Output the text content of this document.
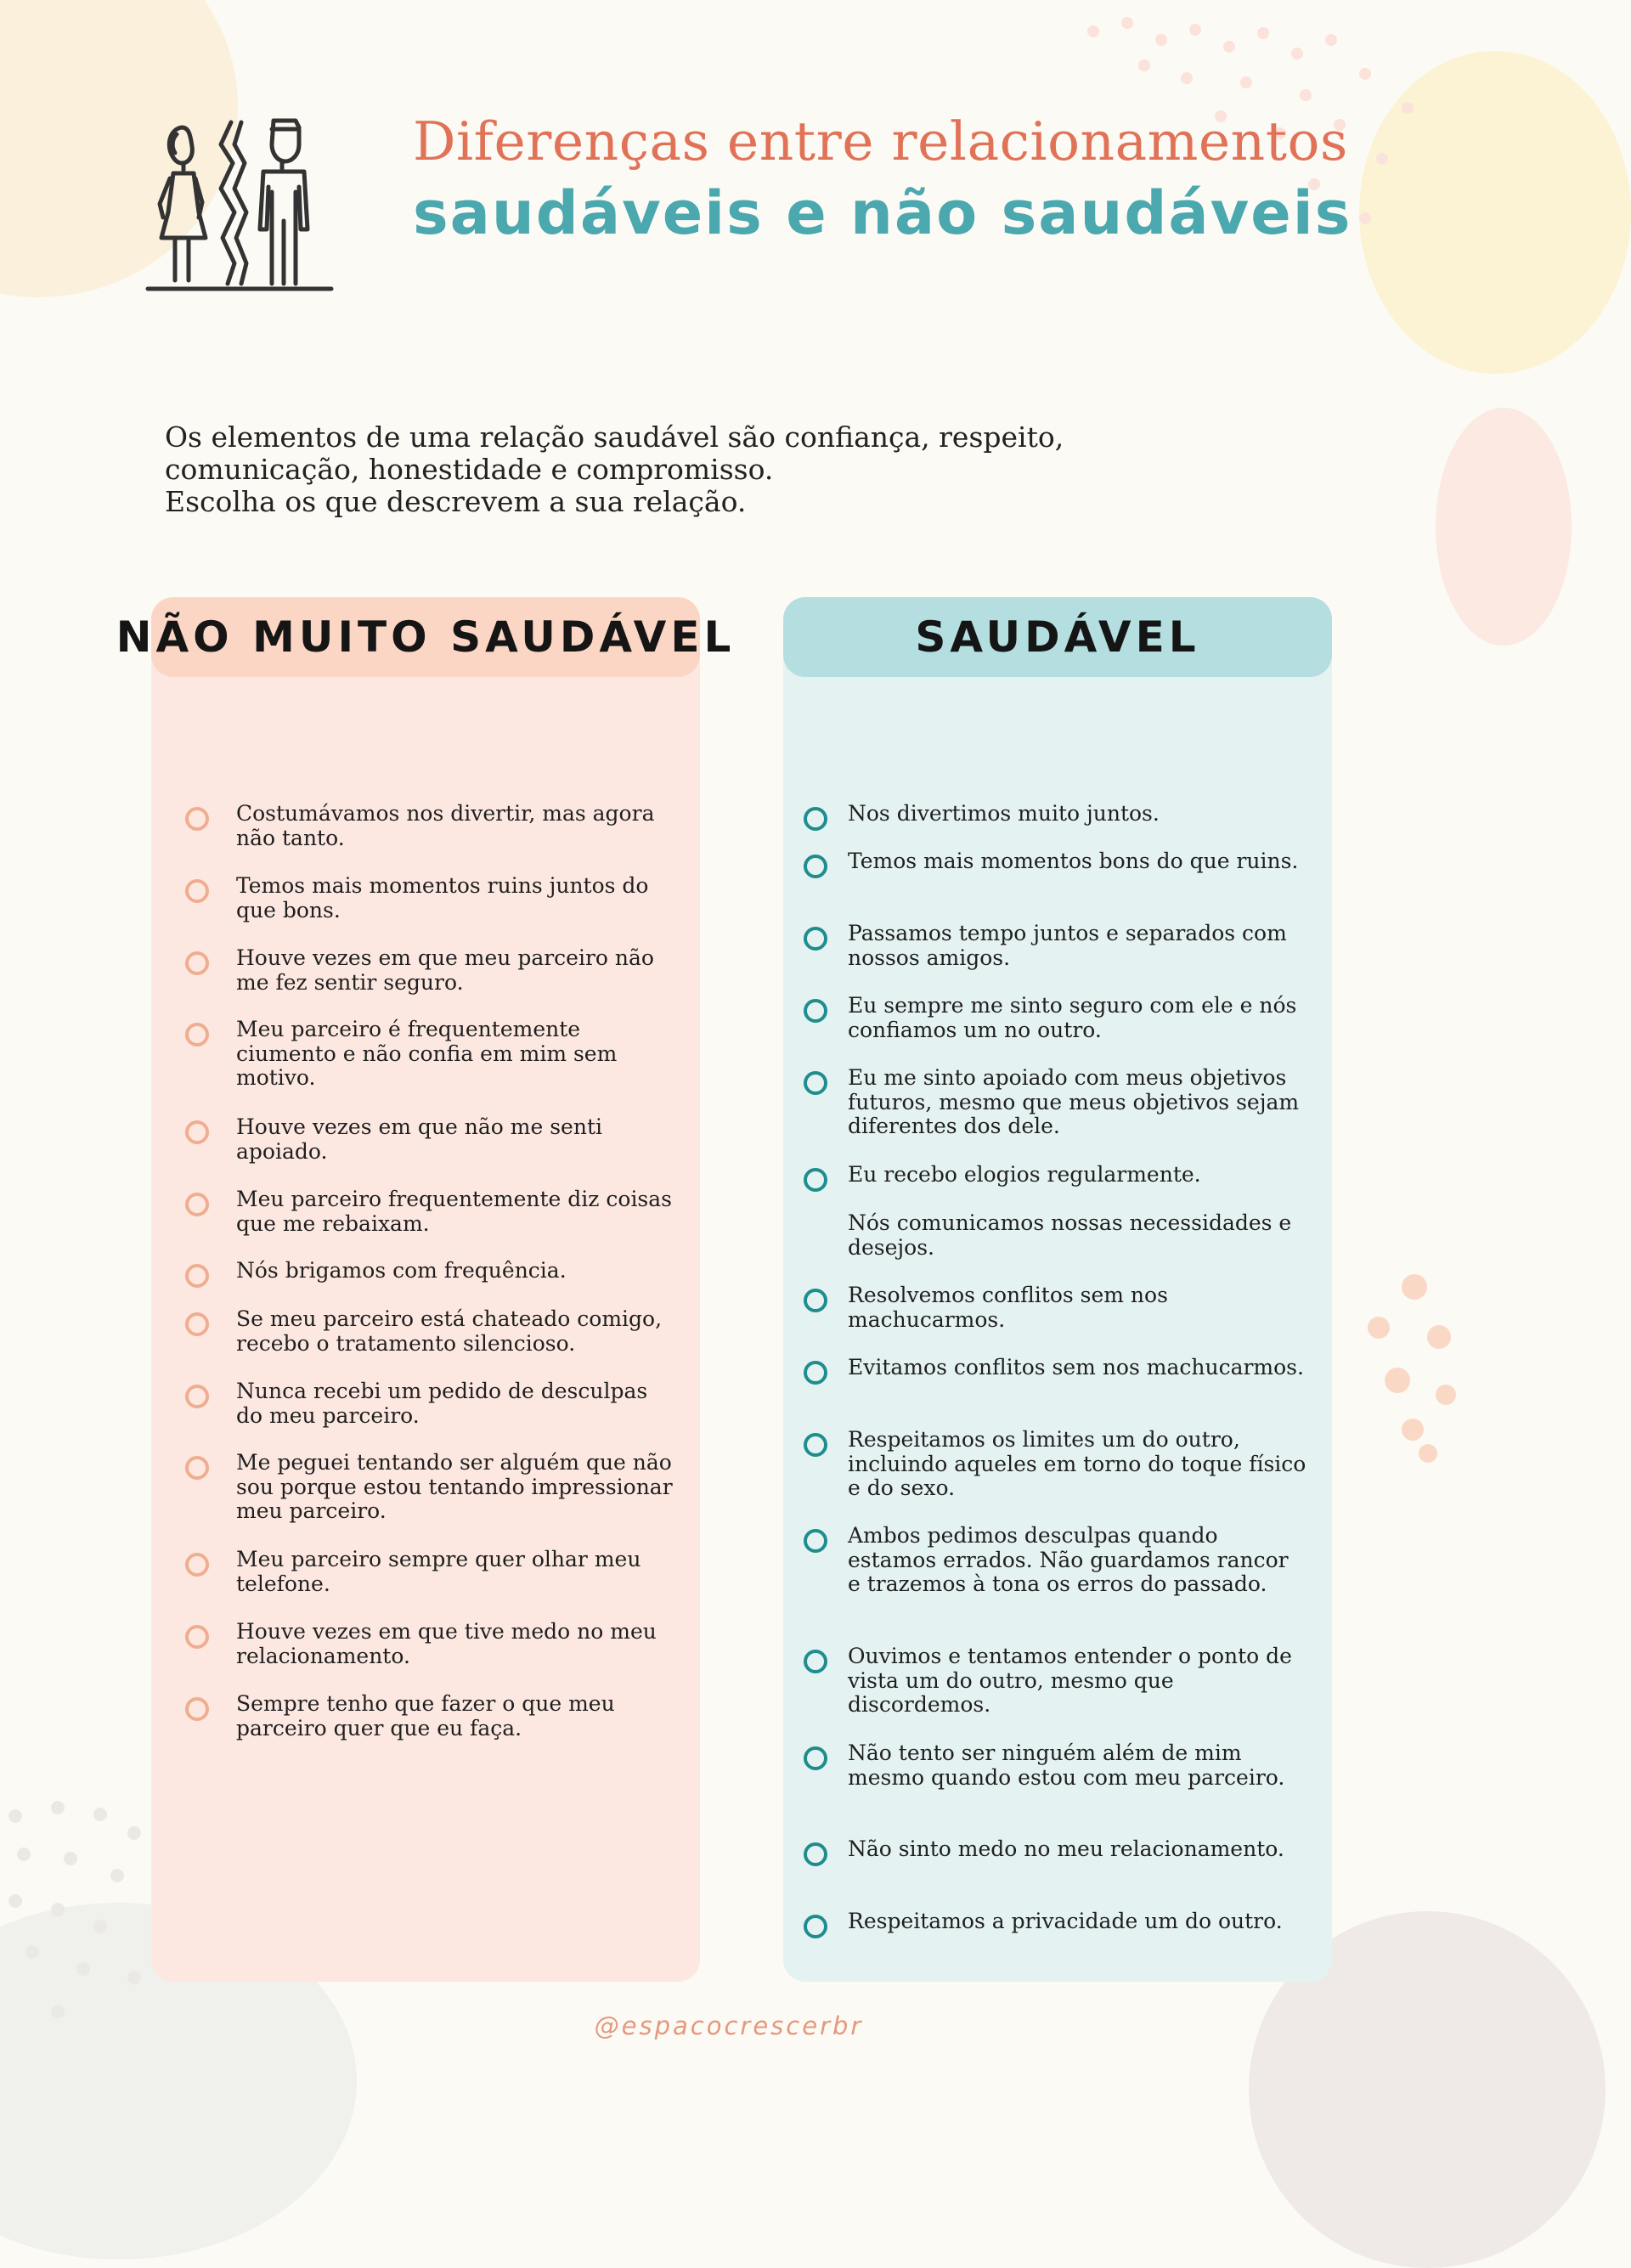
Diferenças entre relacionamentos
saudáveis e não saudáveis
Os elementos de uma relação saudável são confiança, respeito,
comunicação, honestidade e compromisso.
Escolha os que descrevem a sua relação.
NÃO MUITO SAUDÁVEL
Costumávamos nos divertir, mas agora não tanto.
Temos mais momentos ruins juntos do que bons.
Houve vezes em que meu parceiro não me fez sentir seguro.
Meu parceiro é frequentemente ciumento e não confia em mim sem motivo.
Houve vezes em que não me senti apoiado.
Meu parceiro frequentemente diz coisas que me rebaixam.
Nós brigamos com frequência.
Se meu parceiro está chateado comigo, recebo o tratamento silencioso.
Nunca recebi um pedido de desculpas do meu parceiro.
Me peguei tentando ser alguém que não sou porque estou tentando impressionar meu parceiro.
Meu parceiro sempre quer olhar meu telefone.
Houve vezes em que tive medo no meu relacionamento.
Sempre tenho que fazer o que meu parceiro quer que eu faça.
SAUDÁVEL
Nos divertimos muito juntos.
Temos mais momentos bons do que ruins.
Passamos tempo juntos e separados com nossos amigos.
Eu sempre me sinto seguro com ele e nós confiamos um no outro.
Eu me sinto apoiado com meus objetivos futuros, mesmo que meus objetivos sejam diferentes dos dele.
Eu recebo elogios regularmente.
Nós comunicamos nossas necessidades e desejos.
Resolvemos conflitos sem nos machucarmos.
Evitamos conflitos sem nos machucarmos.
Respeitamos os limites um do outro, incluindo aqueles em torno do toque físico e do sexo.
Ambos pedimos desculpas quando estamos errados. Não guardamos rancor e trazemos à tona os erros do passado.
Ouvimos e tentamos entender o ponto de vista um do outro, mesmo que discordemos.
Não tento ser ninguém além de mim mesmo quando estou com meu parceiro.
Não sinto medo no meu relacionamento.
Respeitamos a privacidade um do outro.
@espacocrescerbr
